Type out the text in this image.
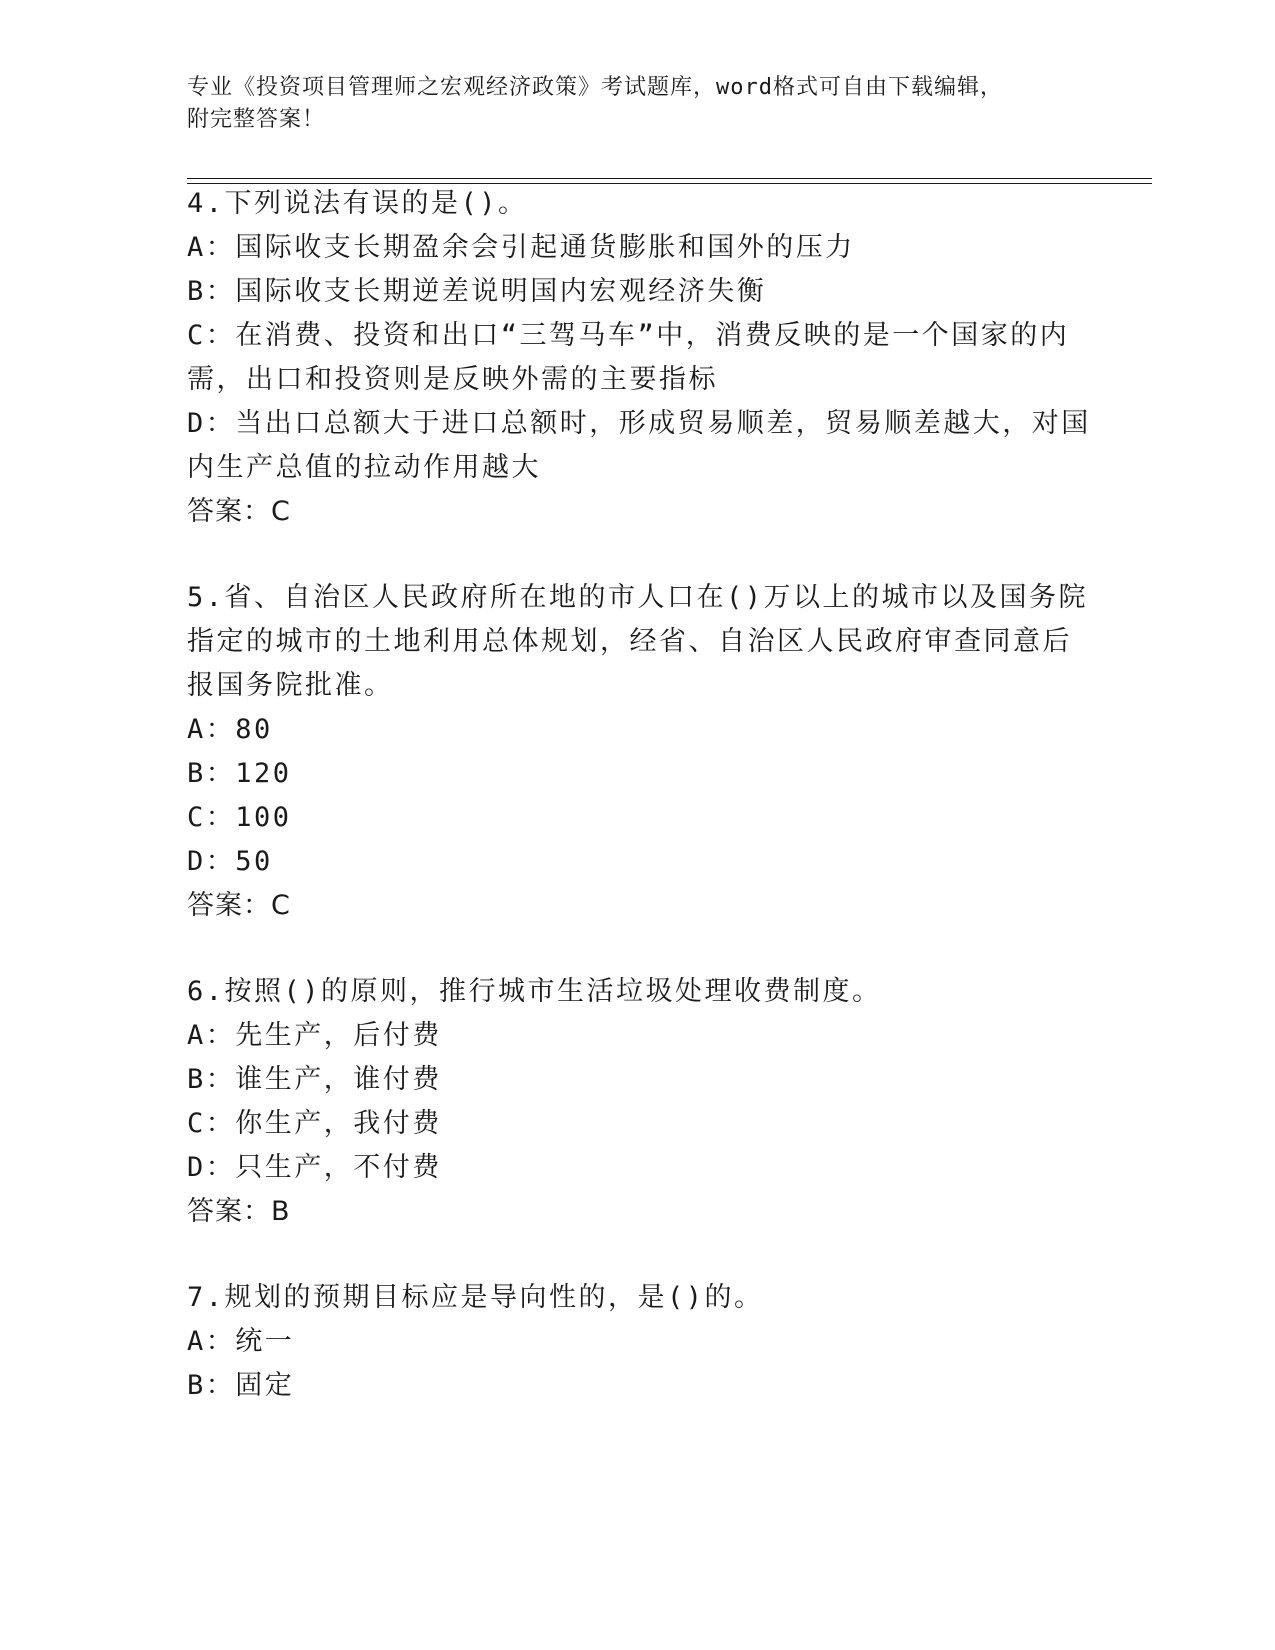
专业《投资项目管理师之宏观经济政策》考试题库，word格式可自由下载编辑，
附完整答案！
4.下列说法有误的是()。
A：国际收支长期盈余会引起通货膨胀和国外的压力
B：国际收支长期逆差说明国内宏观经济失衡
C：在消费、投资和出口“三驾马车”中，消费反映的是一个国家的内
需，出口和投资则是反映外需的主要指标
D：当出口总额大于进口总额时，形成贸易顺差，贸易顺差越大，对国
内生产总值的拉动作用越大
答案：C
5.省、自治区人民政府所在地的市人口在()万以上的城市以及国务院
指定的城市的土地利用总体规划，经省、自治区人民政府审查同意后
报国务院批准。
A：80
B：120
C：100
D：50
答案：C
6.按照()的原则，推行城市生活垃圾处理收费制度。
A：先生产，后付费
B：谁生产，谁付费
C：你生产，我付费
D：只生产，不付费
答案：B
7.规划的预期目标应是导向性的，是()的。
A：统一
B：固定
